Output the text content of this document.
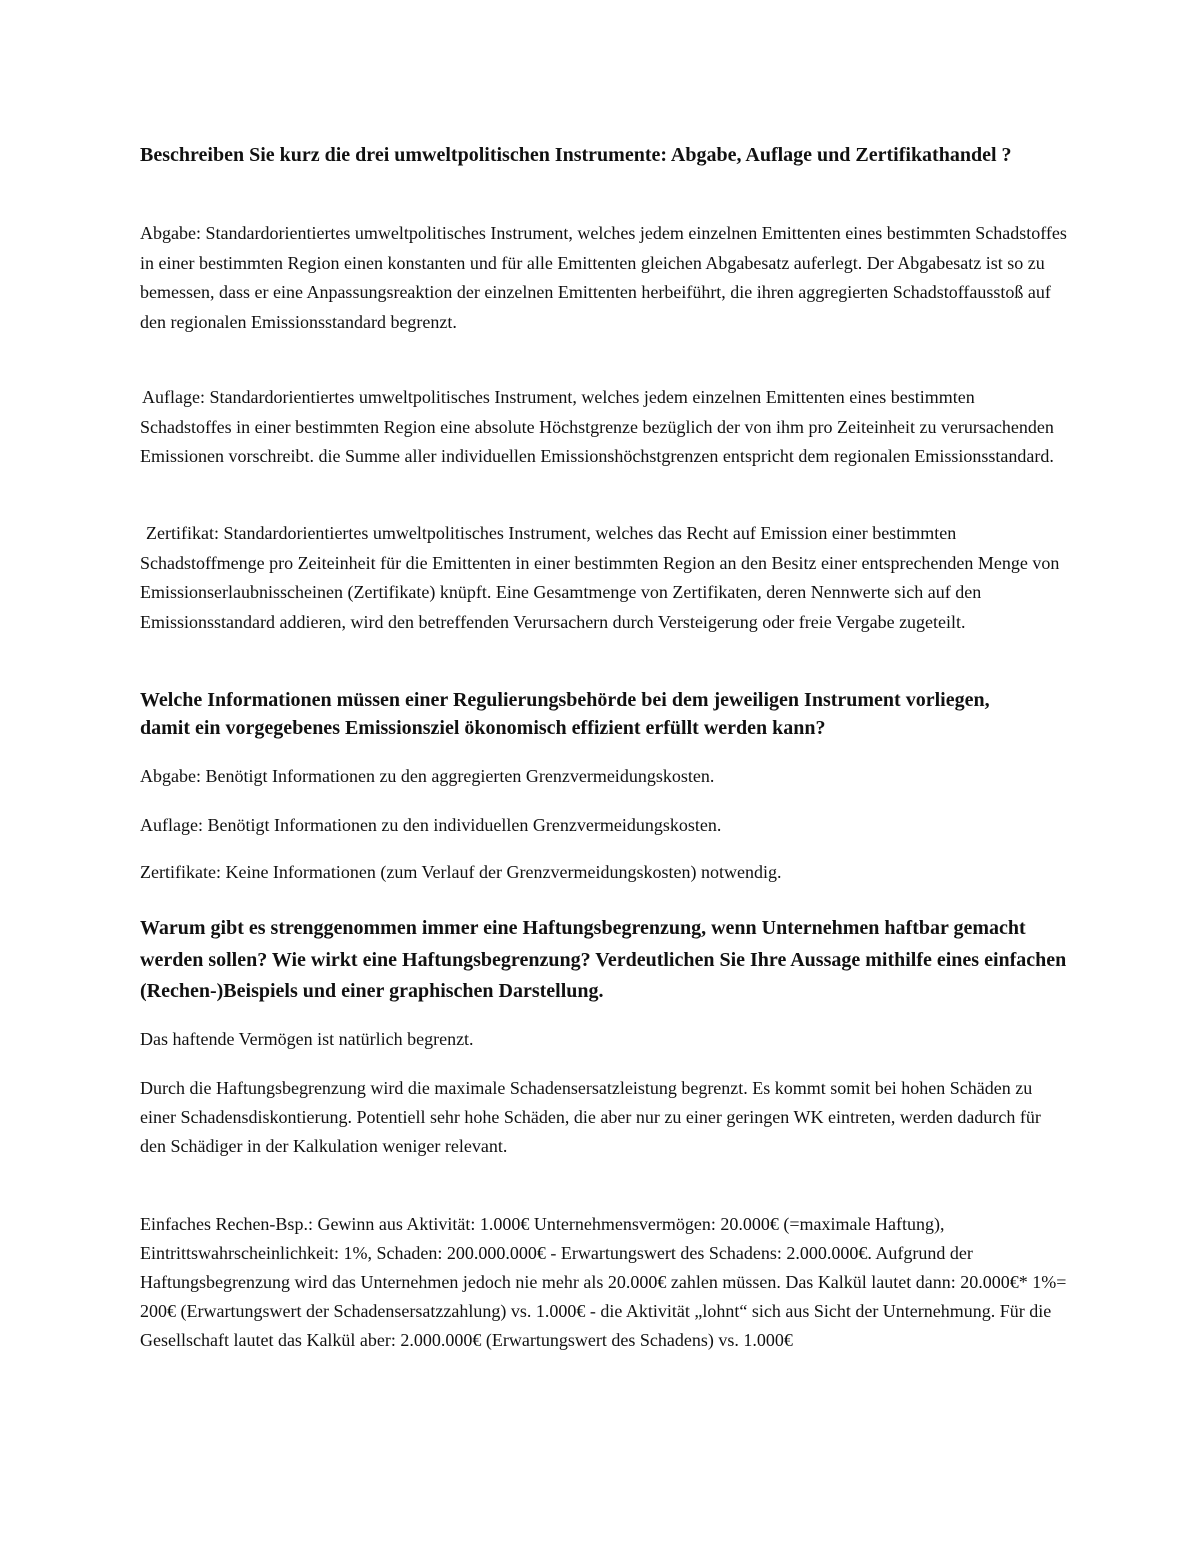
Beschreiben Sie kurz die drei umweltpolitischen Instrumente: Abgabe, Auflage und Zertifikathandel ?

Abgabe: Standardorientiertes umweltpolitisches Instrument, welches jedem einzelnen Emittenten eines bestimmten Schadstoffes in einer bestimmten Region einen konstanten und für alle Emittenten gleichen Abgabesatz auferlegt. Der Abgabesatz ist so zu bemessen, dass er eine Anpassungsreaktion der einzelnen Emittenten herbeiführt, die ihren aggregierten Schadstoffausstoß auf den regionalen Emissionsstandard begrenzt.

Auflage: Standardorientiertes umweltpolitisches Instrument, welches jedem einzelnen Emittenten eines bestimmten Schadstoffes in einer bestimmten Region eine absolute Höchstgrenze bezüglich der von ihm pro Zeiteinheit zu verursachenden Emissionen vorschreibt. die Summe aller individuellen Emissionshöchstgrenzen entspricht dem regionalen Emissionsstandard.

Zertifikat: Standardorientiertes umweltpolitisches Instrument, welches das Recht auf Emission einer bestimmten Schadstoffmenge pro Zeiteinheit für die Emittenten in einer bestimmten Region an den Besitz einer entsprechenden Menge von Emissionserlaubnisscheinen (Zertifikate) knüpft. Eine Gesamtmenge von Zertifikaten, deren Nennwerte sich auf den Emissionsstandard addieren, wird den betreffenden Verursachern durch Versteigerung oder freie Vergabe zugeteilt.

Welche Informationen müssen einer Regulierungsbehörde bei dem jeweiligen Instrument vorliegen, damit ein vorgegebenes Emissionsziel ökonomisch effizient erfüllt werden kann?

Abgabe: Benötigt Informationen zu den aggregierten Grenzvermeidungskosten.

Auflage: Benötigt Informationen zu den individuellen Grenzvermeidungskosten.

Zertifikate: Keine Informationen (zum Verlauf der Grenzvermeidungskosten) notwendig.

Warum gibt es strenggenommen immer eine Haftungsbegrenzung, wenn Unternehmen haftbar gemacht werden sollen? Wie wirkt eine Haftungsbegrenzung? Verdeutlichen Sie Ihre Aussage mithilfe eines einfachen (Rechen-)Beispiels und einer graphischen Darstellung.

Das haftende Vermögen ist natürlich begrenzt.

Durch die Haftungsbegrenzung wird die maximale Schadensersatzleistung begrenzt. Es kommt somit bei hohen Schäden zu einer Schadensdiskontierung. Potentiell sehr hohe Schäden, die aber nur zu einer geringen WK eintreten, werden dadurch für den Schädiger in der Kalkulation weniger relevant.

Einfaches Rechen-Bsp.: Gewinn aus Aktivität: 1.000€ Unternehmensvermögen: 20.000€ (=maximale Haftung), Eintrittswahrscheinlichkeit: 1%, Schaden: 200.000.000€ - Erwartungswert des Schadens: 2.000.000€. Aufgrund der Haftungsbegrenzung wird das Unternehmen jedoch nie mehr als 20.000€ zahlen müssen. Das Kalkül lautet dann: 20.000€* 1%= 200€ (Erwartungswert der Schadensersatzzahlung) vs. 1.000€ - die Aktivität „lohnt“ sich aus Sicht der Unternehmung. Für die Gesellschaft lautet das Kalkül aber: 2.000.000€ (Erwartungswert des Schadens) vs. 1.000€
